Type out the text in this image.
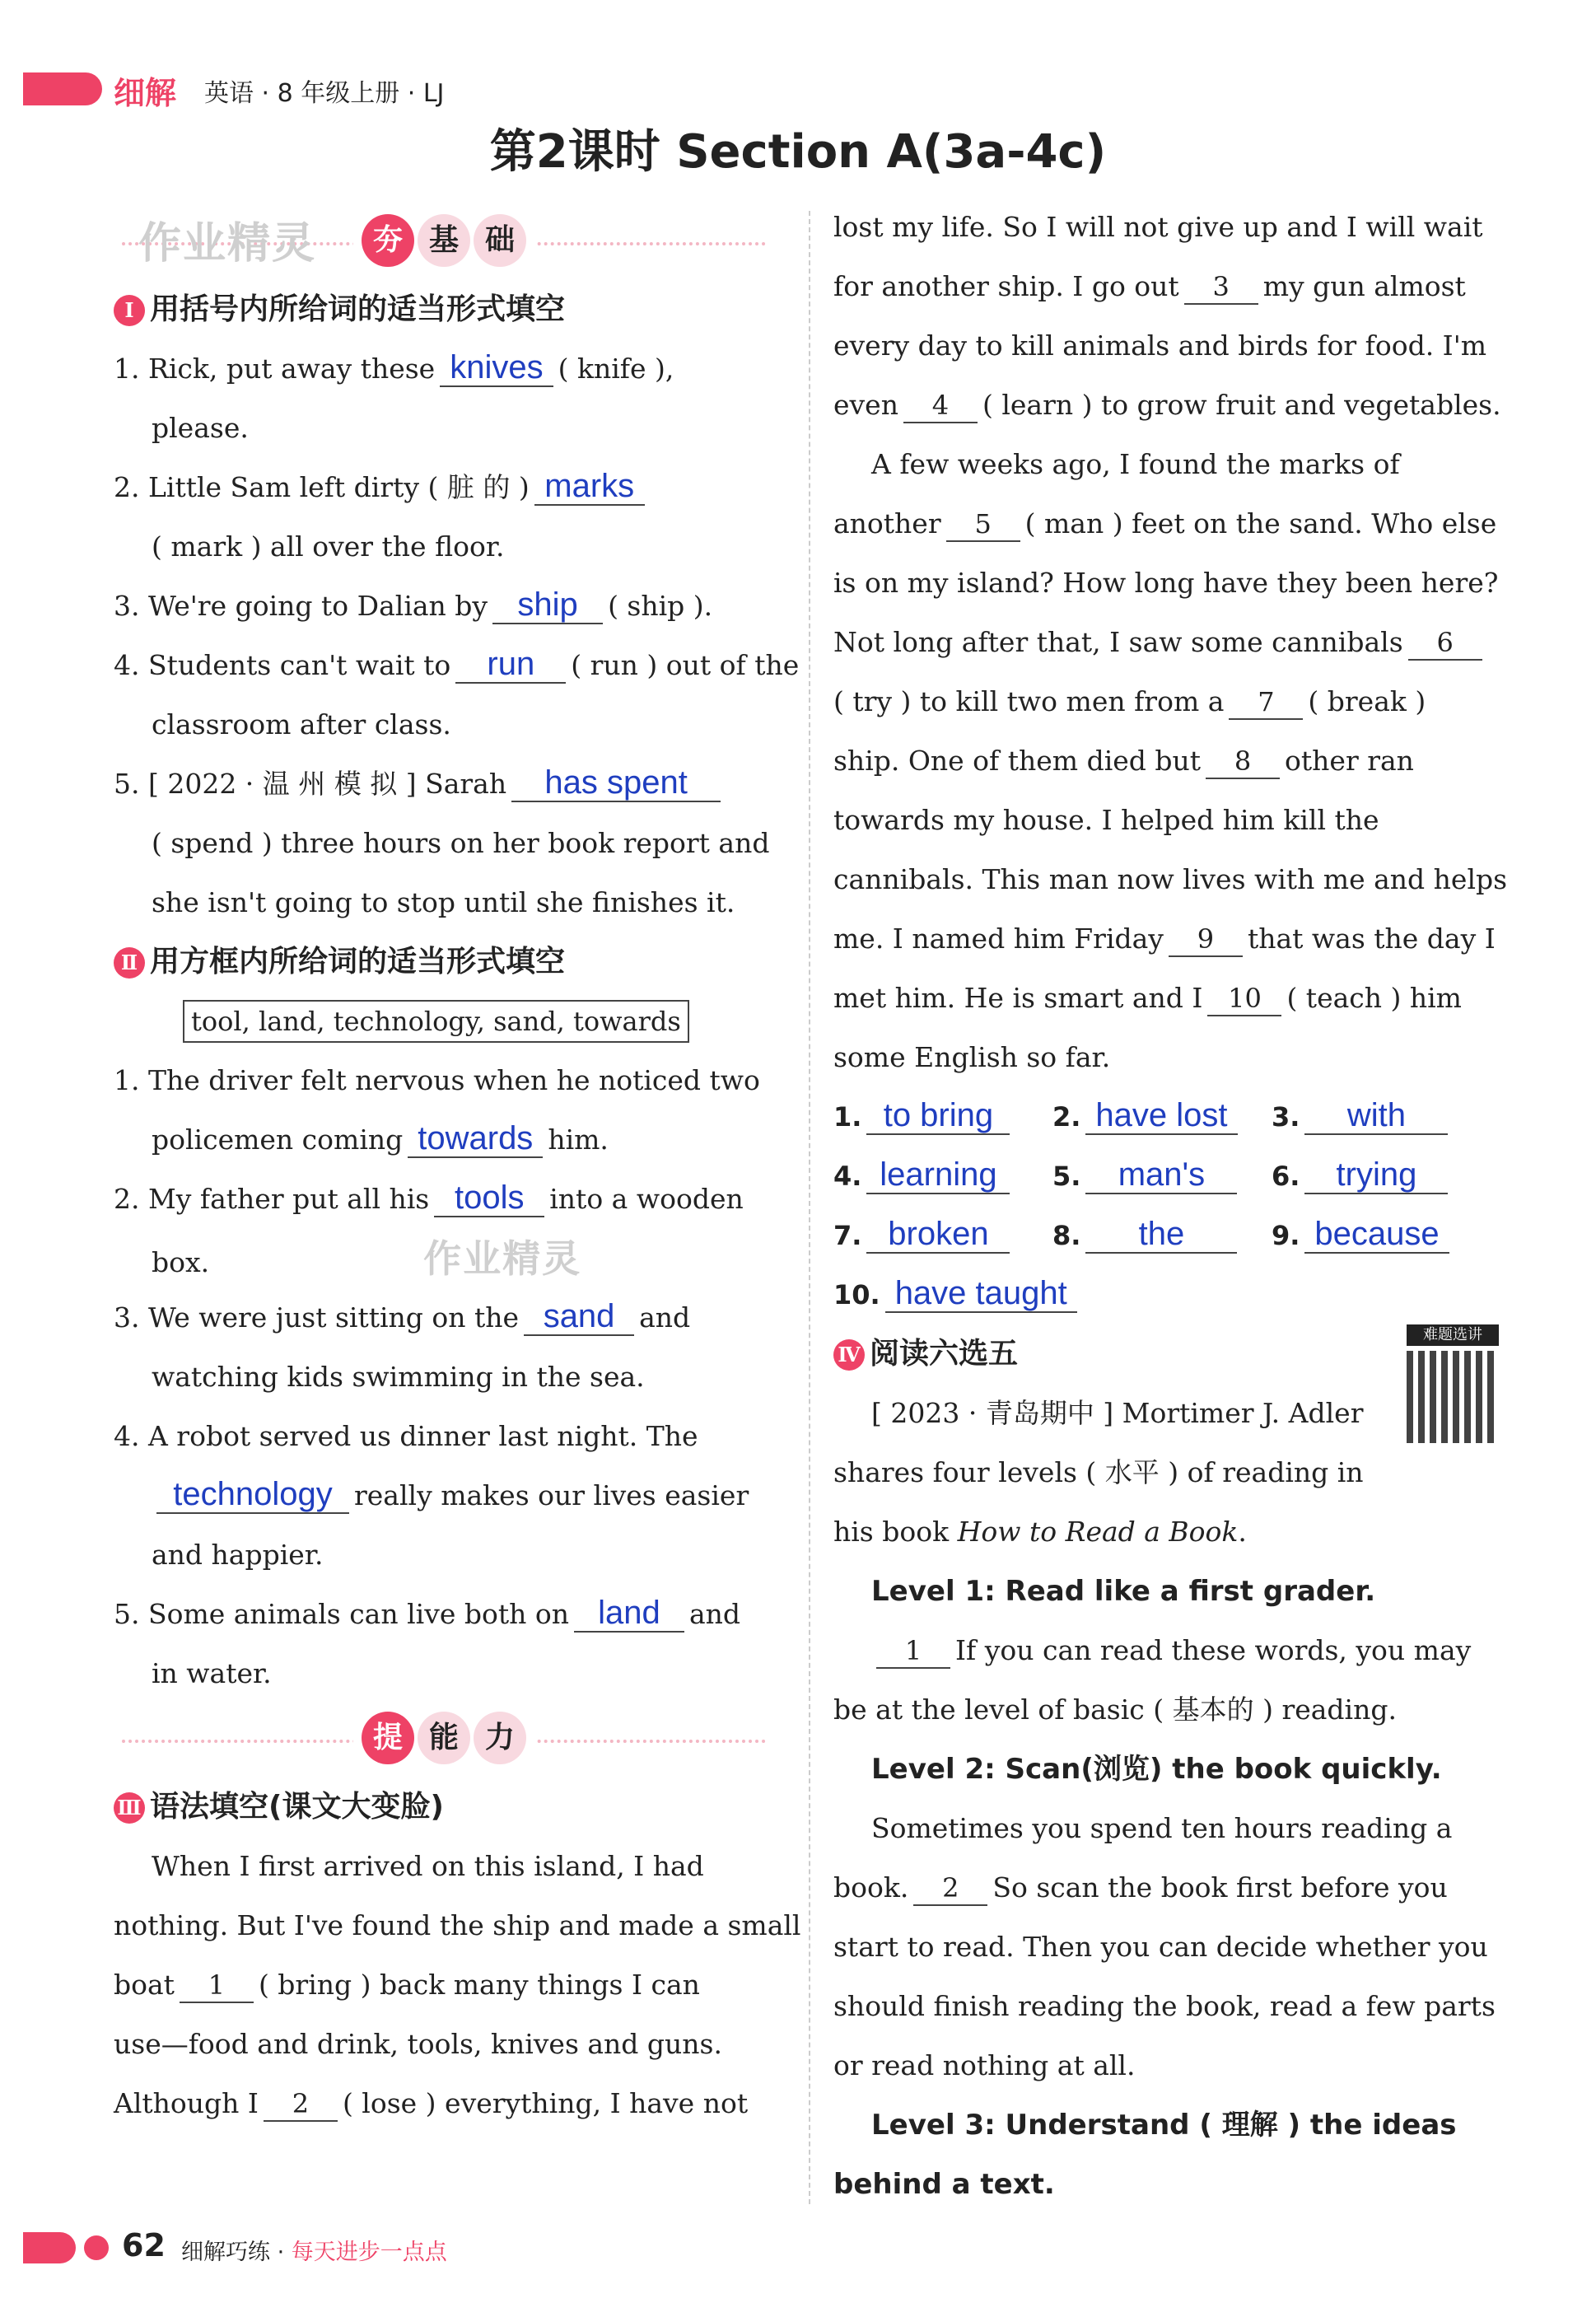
细解 英语 · 8 年级上册 · LJ
第2课时 Section A(3a-4c)
夯 基 础
作业精灵
Ⅰ 用括号内所给词的适当形式填空
1. Rick, put away these knives ( knife ),
please.
2. Little Sam left dirty ( 脏 的 ) marks
( mark ) all over the floor.
3. We're going to Dalian by ship ( ship ).
4. Students can't wait to run ( run ) out of the
classroom after class.
5. [ 2022 · 温 州 模 拟 ] Sarah has spent
( spend ) three hours on her book report and
she isn't going to stop until she finishes it.
Ⅱ 用方框内所给词的适当形式填空
tool, land, technology, sand, towards
1. The driver felt nervous when he noticed two
policemen coming towards him.
2. My father put all his tools into a wooden
box.	作业精灵
3. We were just sitting on the sand and
watching kids swimming in the sea.
4. A robot served us dinner last night. The
technology really makes our lives easier
and happier.
5. Some animals can live both on land and
in water.
提 能 力
Ⅲ 语法填空(课文大变脸)
When I first arrived on this island, I had
nothing. But I've found the ship and made a small
boat 1 ( bring ) back many things I can
use—food and drink, tools, knives and guns.
Although I 2 ( lose ) everything, I have not
lost my life. So I will not give up and I will wait
for another ship. I go out 3 my gun almost
every day to kill animals and birds for food. I'm
even 4 ( learn ) to grow fruit and vegetables.
A few weeks ago, I found the marks of
another 5 ( man ) feet on the sand. Who else
is on my island? How long have they been here?
Not long after that, I saw some cannibals 6
( try ) to kill two men from a 7 ( break )
ship. One of them died but 8 other ran
towards my house. I helped him kill the
cannibals. This man now lives with me and helps
me. I named him Friday 9 that was the day I
met him. He is smart and I 10 ( teach ) him
some English so far.
1. to bring	2. have lost	3. with
4. learning	5. man's	6. trying
7. broken	8. the	9. because
10. have taught
难题选讲
Ⅳ 阅读六选五
[ 2023 · 青岛期中 ] Mortimer J. Adler
shares four levels ( 水平 ) of reading in
his book How to Read a Book.
Level 1: Read like a first grader.
1 If you can read these words, you may
be at the level of basic ( 基本的 ) reading.
Level 2: Scan(浏览) the book quickly.
Sometimes you spend ten hours reading a
book. 2 So scan the book first before you
start to read. Then you can decide whether you
should finish reading the book, read a few parts
or read nothing at all.
Level 3: Understand ( 理解 ) the ideas
behind a text.
62 细解巧练 · 每天进步一点点
